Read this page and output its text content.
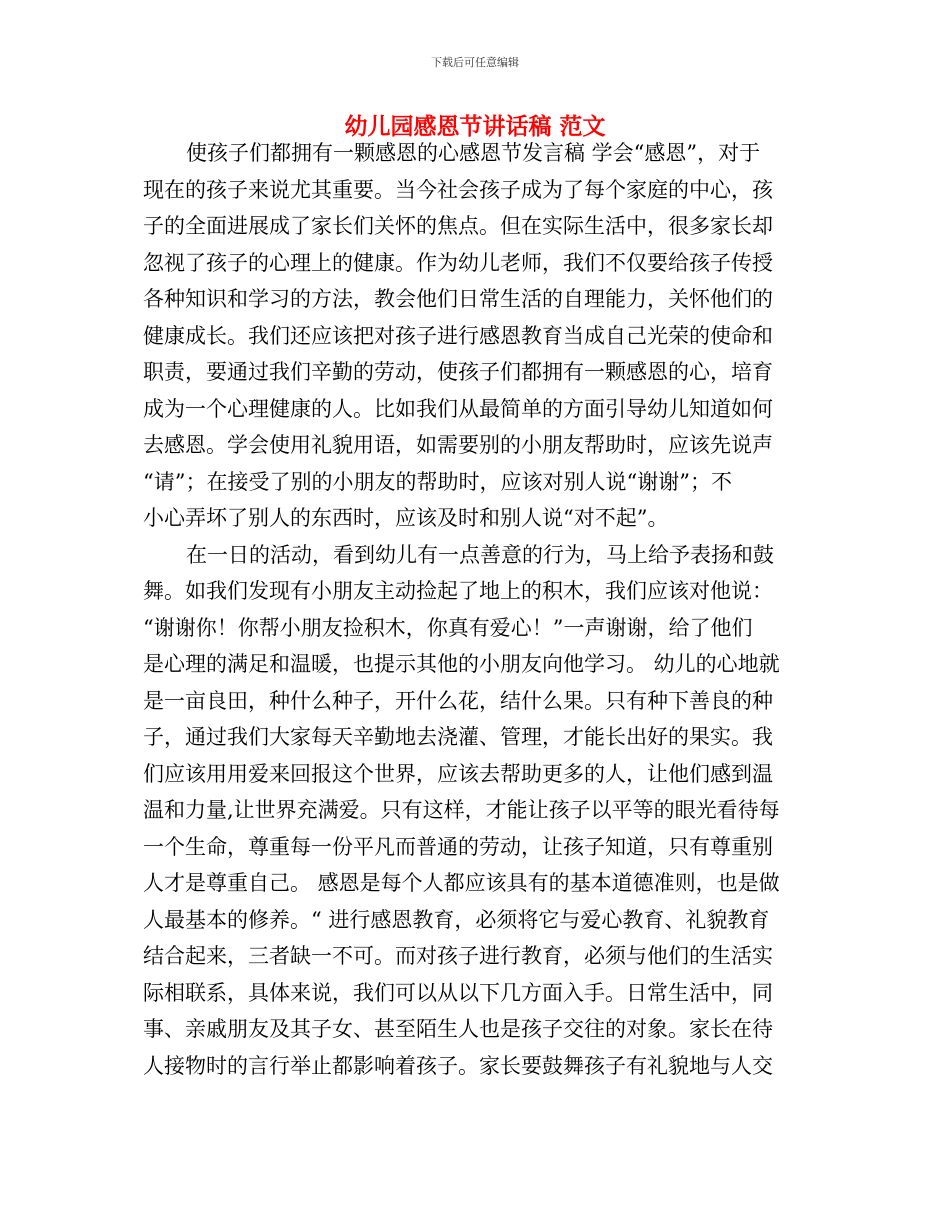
下载后可任意编辑
幼儿园感恩节讲话稿 范文
使孩子们都拥有一颗感恩的心感恩节发言稿 学会“感恩”，对于
现在的孩子来说尤其重要。当今社会孩子成为了每个家庭的中心，孩
子的全面进展成了家长们关怀的焦点。但在实际生活中，很多家长却
忽视了孩子的心理上的健康。作为幼儿老师，我们不仅要给孩子传授
各种知识和学习的方法，教会他们日常生活的自理能力，关怀他们的
健康成长。我们还应该把对孩子进行感恩教育当成自己光荣的使命和
职责，要通过我们辛勤的劳动，使孩子们都拥有一颗感恩的心，培育
成为一个心理健康的人。比如我们从最简单的方面引导幼儿知道如何
去感恩。学会使用礼貌用语，如需要别的小朋友帮助时，应该先说声
“请”；在接受了别的小朋友的帮助时，应该对别人说“谢谢”；不
小心弄坏了别人的东西时，应该及时和别人说“对不起”。
在一日的活动，看到幼儿有一点善意的行为，马上给予表扬和鼓
舞。如我们发现有小朋友主动捡起了地上的积木，我们应该对他说：
“谢谢你！你帮小朋友捡积木，你真有爱心！”一声谢谢，给了他们
是心理的满足和温暖，也提示其他的小朋友向他学习。 幼儿的心地就
是一亩良田，种什么种子，开什么花，结什么果。只有种下善良的种
子，通过我们大家每天辛勤地去浇灌、管理，才能长出好的果实。我
们应该用用爱来回报这个世界，应该去帮助更多的人，让他们感到温
温和力量,让世界充满爱。只有这样，才能让孩子以平等的眼光看待每
一个生命，尊重每一份平凡而普通的劳动，让孩子知道，只有尊重别
人才是尊重自己。 感恩是每个人都应该具有的基本道德准则，也是做
人最基本的修养。“ 进行感恩教育，必须将它与爱心教育、礼貌教育
结合起来，三者缺一不可。而对孩子进行教育，必须与他们的生活实
际相联系，具体来说，我们可以从以下几方面入手。日常生活中，同
事、亲戚朋友及其子女、甚至陌生人也是孩子交往的对象。家长在待
人接物时的言行举止都影响着孩子。家长要鼓舞孩子有礼貌地与人交
